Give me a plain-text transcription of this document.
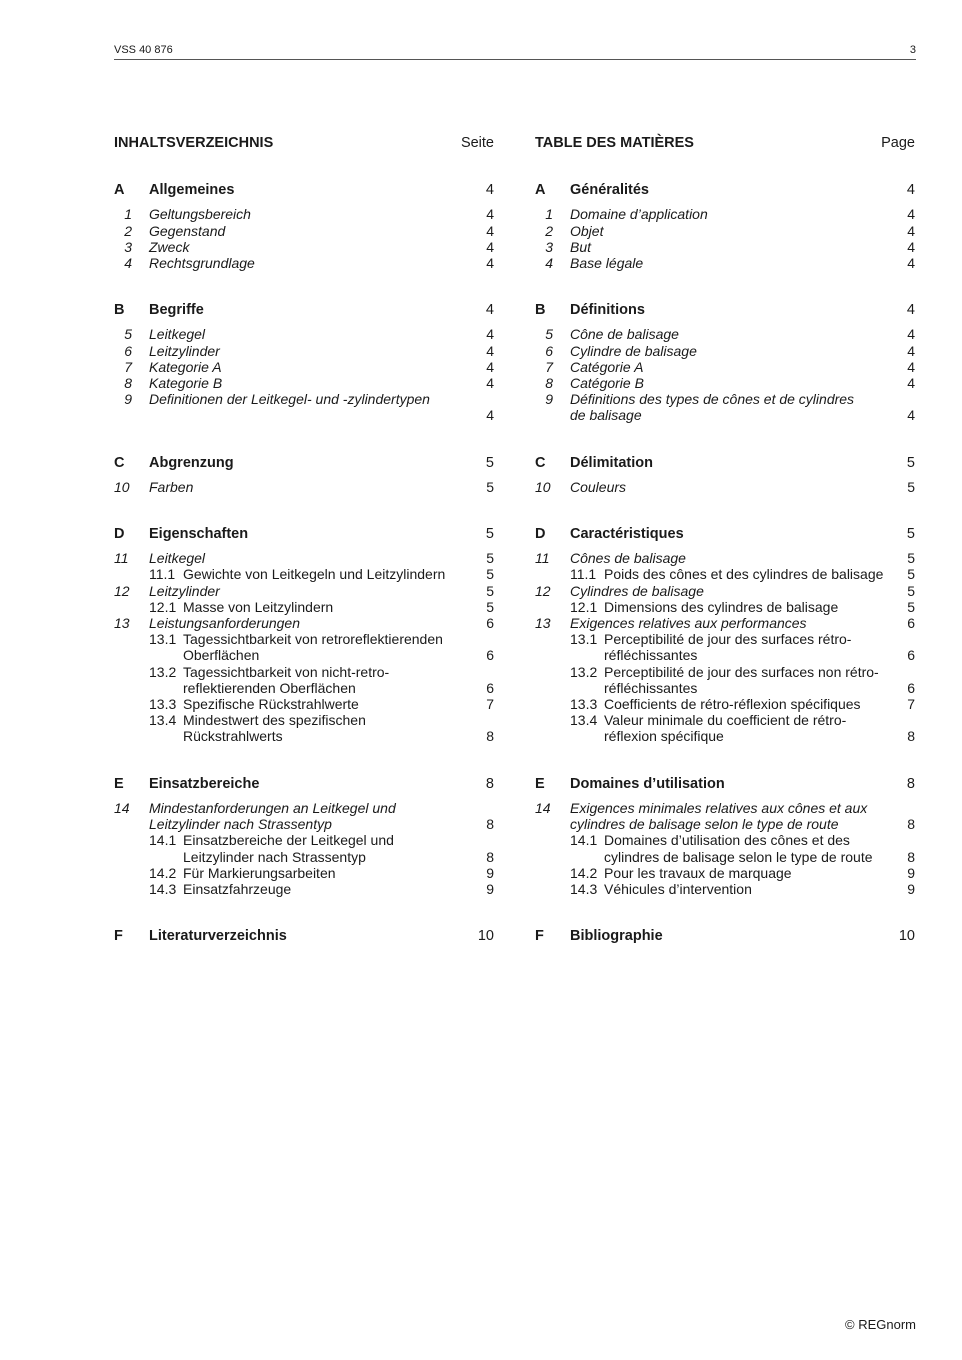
VSS 40 876	3
INHALTSVERZEICHNIS	Seite
A	Allgemeines	4
1 Geltungsbereich	4
2 Gegenstand	4
3 Zweck	4
4 Rechtsgrundlage	4
B	Begriffe	4
5 Leitkegel	4
6 Leitzylinder	4
7 Kategorie A	4
8 Kategorie B	4
9 Definitionen der Leitkegel- und -zylindertypen

4
C	Abgrenzung	5
10	Farben	5
D	Eigenschaften	5
11	Leitkegel	5
11.1 Gewichte von Leitkegeln und Leitzylindern	5
12	Leitzylinder	5
12.1 Masse von Leitzylindern	5
13	Leistungsanforderungen	6
13.1 Tagessichtbarkeit von retroreflektierenden
Oberflächen	6
13.2 Tagessichtbarkeit von nicht-retro-
reflektierenden Oberflächen	6
13.3 Spezifische Rückstrahlwerte	7
13.4 Mindestwert des spezifischen
Rückstrahlwerts	8
E	Einsatzbereiche	8
14	Mindestanforderungen an Leitkegel und
Leitzylinder nach Strassentyp	8
14.1 Einsatzbereiche der Leitkegel und
Leitzylinder nach Strassentyp	8
14.2 Für Markierungsarbeiten	9
14.3 Einsatzfahrzeuge	9
F	Literaturverzeichnis	10
TABLE DES MATIÈRES	Page
A	Généralités	4
1 Domaine d’application	4
2 Objet	4
3 But	4
4 Base légale	4
B	Définitions	4
5 Cône de balisage	4
6 Cylindre de balisage	4
7 Catégorie A	4
8 Catégorie B	4
9 Définitions des types de cônes et de cylindres
de balisage	4
C	Délimitation	5
10	Couleurs	5
D	Caractéristiques	5
11	Cônes de balisage	5
11.1 Poids des cônes et des cylindres de balisage	5
12	Cylindres de balisage	5
12.1 Dimensions des cylindres de balisage	5
13	Exigences relatives aux performances	6
13.1 Perceptibilité de jour des surfaces rétro-
réfléchissantes	6
13.2 Perceptibilité de jour des surfaces non rétro-
réfléchissantes	6
13.3 Coefficients de rétro-réflexion spécifiques	7
13.4 Valeur minimale du coefficient de rétro-
réflexion spécifique	8
E	Domaines d’utilisation	8
14	Exigences minimales relatives aux cônes et aux
cylindres de balisage selon le type de route	8
14.1 Domaines d’utilisation des cônes et des
cylindres de balisage selon le type de route	8
14.2 Pour les travaux de marquage	9
14.3 Véhicules d’intervention	9
F	Bibliographie	10
© REGnorm
